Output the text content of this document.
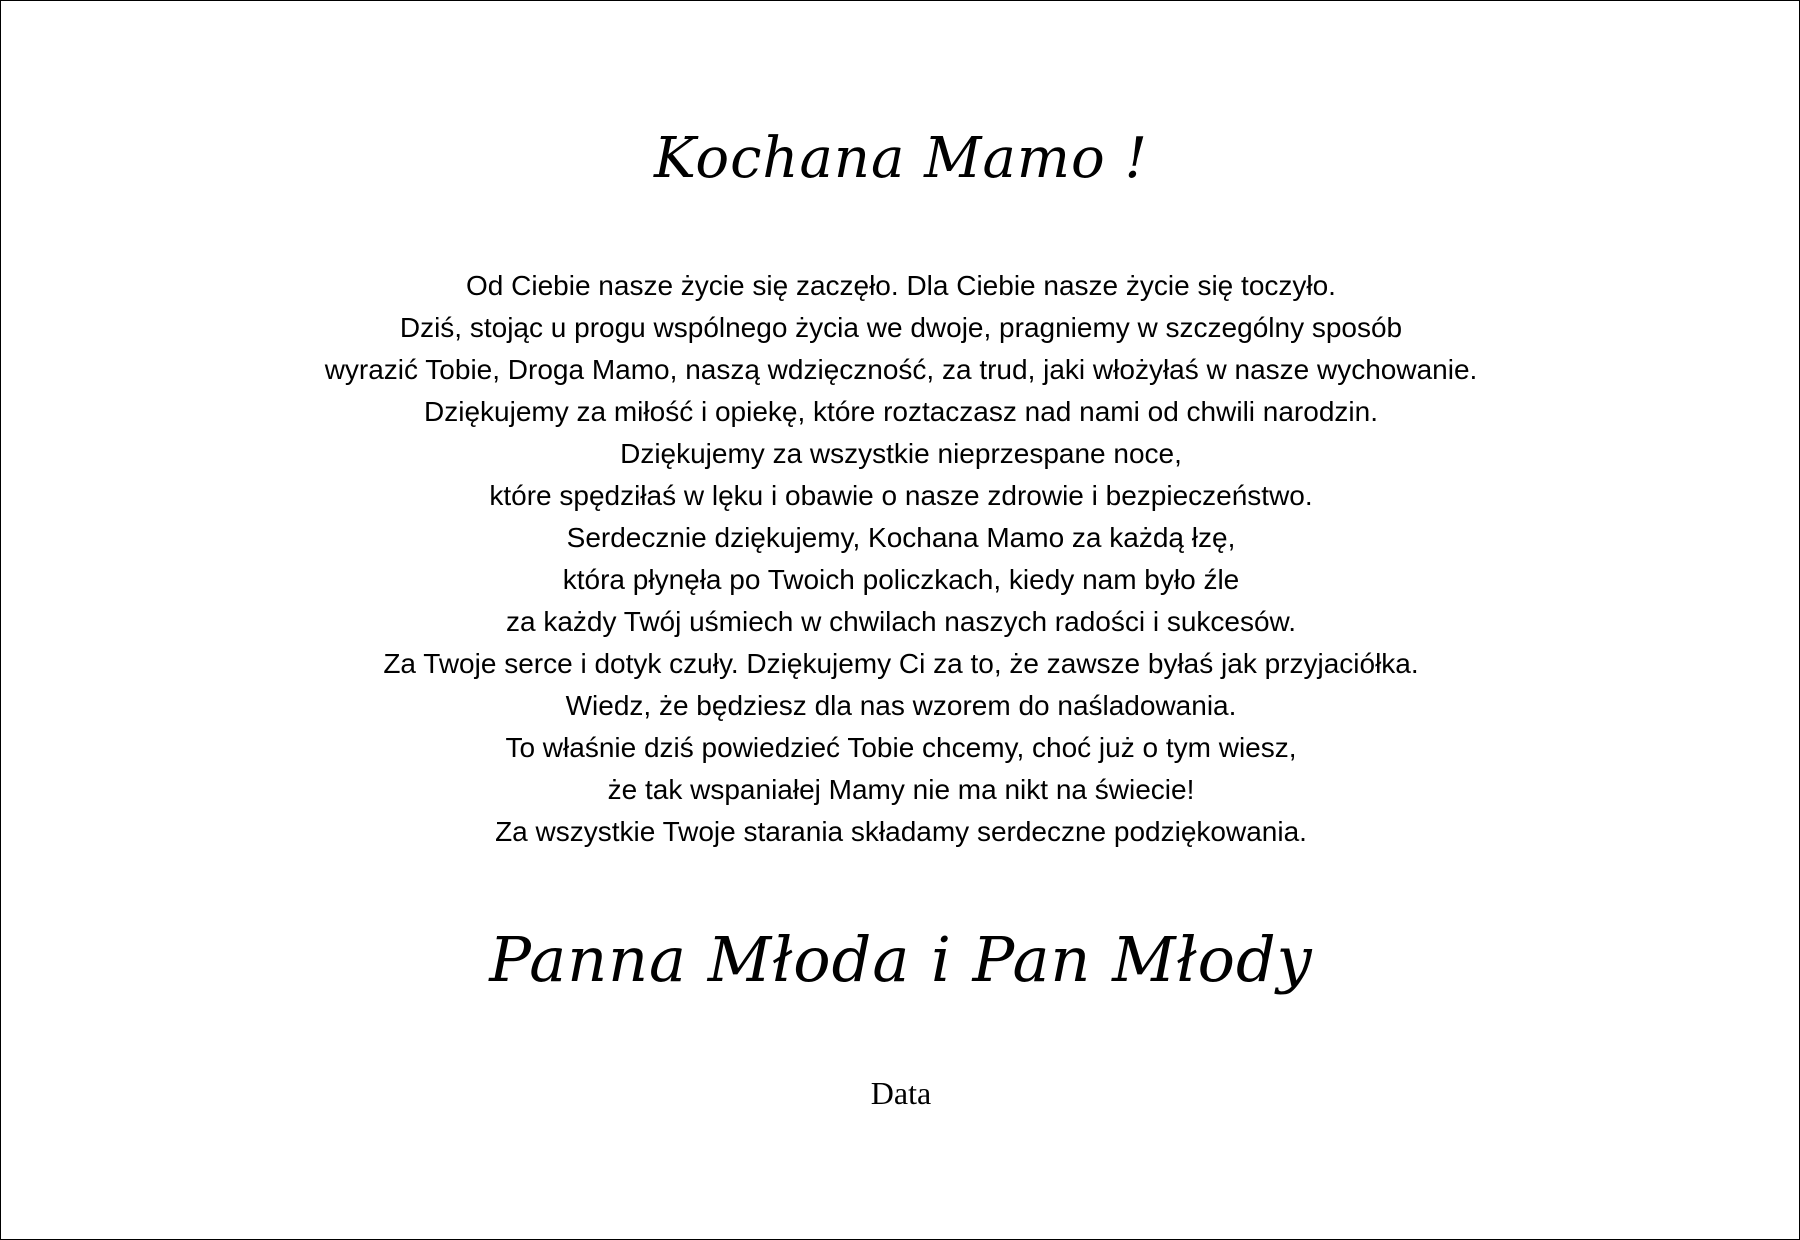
Kochana Mamo !
Od Ciebie nasze życie się zaczęło. Dla Ciebie nasze życie się toczyło.
Dziś, stojąc u progu wspólnego życia we dwoje, pragniemy w szczególny sposób
wyrazić Tobie, Droga Mamo, naszą wdzięczność, za trud, jaki włożyłaś w nasze wychowanie.
Dziękujemy za miłość i opiekę, które roztaczasz nad nami od chwili narodzin.
Dziękujemy za wszystkie nieprzespane noce,
które spędziłaś w lęku i obawie o nasze zdrowie i bezpieczeństwo.
Serdecznie dziękujemy, Kochana Mamo za każdą łzę,
która płynęła po Twoich policzkach, kiedy nam było źle
za każdy Twój uśmiech w chwilach naszych radości i sukcesów.
Za Twoje serce i dotyk czuły. Dziękujemy Ci za to, że zawsze byłaś jak przyjaciółka.
Wiedz, że będziesz dla nas wzorem do naśladowania.
To właśnie dziś powiedzieć Tobie chcemy, choć już o tym wiesz,
że tak wspaniałej Mamy nie ma nikt na świecie!
Za wszystkie Twoje starania składamy serdeczne podziękowania.
Panna Młoda i Pan Młody
Data
